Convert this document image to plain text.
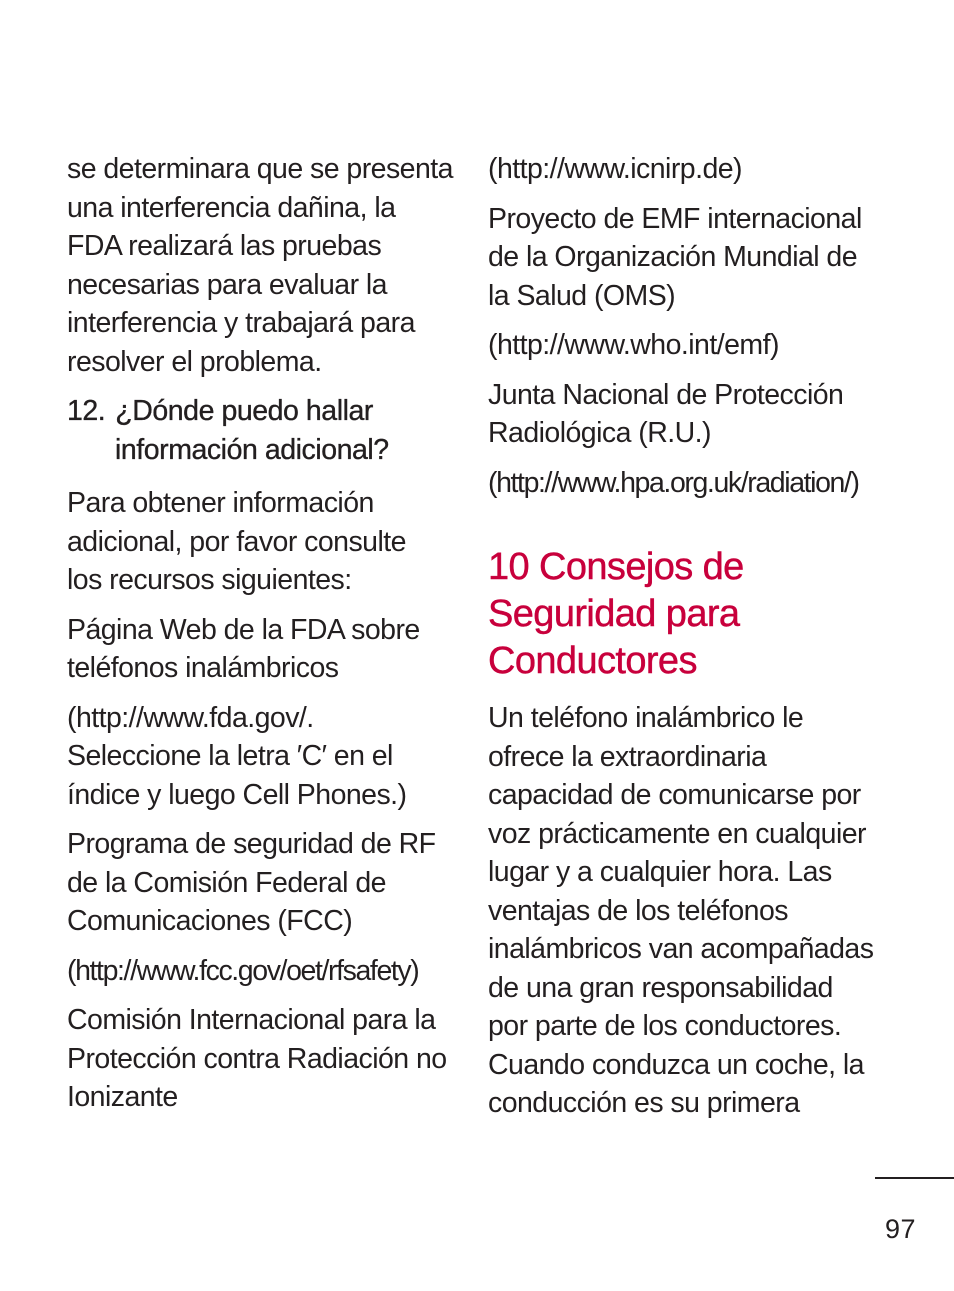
se determinara que se presenta
una interferencia dañina, la
FDA realizará las pruebas
necesarias para evaluar la
interferencia y trabajará para
resolver el problema.

12. ¿Dónde puedo hallar
información adicional?

Para obtener información
adicional, por favor consulte
los recursos siguientes:

Página Web de la FDA sobre
teléfonos inalámbricos

(http://www.fda.gov/.
Seleccione la letra ′C′ en el
índice y luego Cell Phones.)

Programa de seguridad de RF
de la Comisión Federal de
Comunicaciones (FCC)

(http://www.fcc.gov/oet/rfsafety)

Comisión Internacional para la
Protección contra Radiación no
Ionizante

(http://www.icnirp.de)

Proyecto de EMF internacional
de la Organización Mundial de
la Salud (OMS)

(http://www.who.int/emf)

Junta Nacional de Protección
Radiológica (R.U.)

(http://www.hpa.org.uk/radiation/)

10 Consejos de
Seguridad para
Conductores

Un teléfono inalámbrico le
ofrece la extraordinaria
capacidad de comunicarse por
voz prácticamente en cualquier
lugar y a cualquier hora. Las
ventajas de los teléfonos
inalámbricos van acompañadas
de una gran responsabilidad
por parte de los conductores.
Cuando conduzca un coche, la
conducción es su primera

97
